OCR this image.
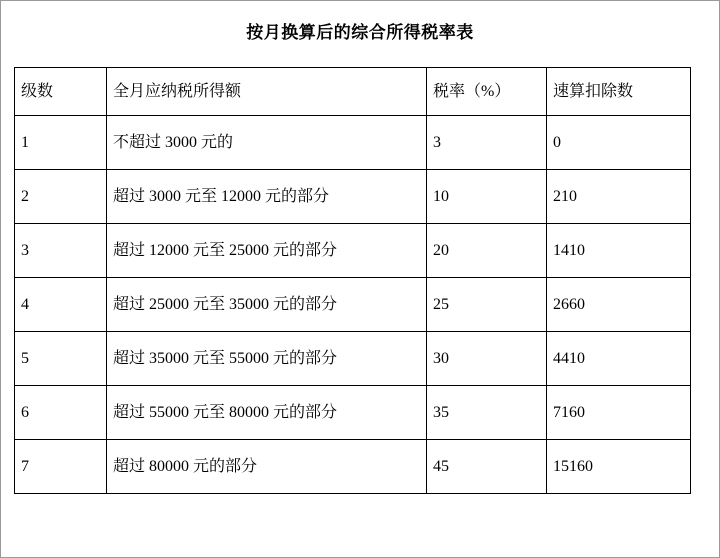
按月换算后的综合所得税率表
级数	全月应纳税所得额	税率（%）	速算扣除数
1	不超过 3000 元的	3	0
2	超过 3000 元至 12000 元的部分	10	210
3	超过 12000 元至 25000 元的部分	20	1410
4	超过 25000 元至 35000 元的部分	25	2660
5	超过 35000 元至 55000 元的部分	30	4410
6	超过 55000 元至 80000 元的部分	35	7160
7	超过 80000 元的部分	45	15160
